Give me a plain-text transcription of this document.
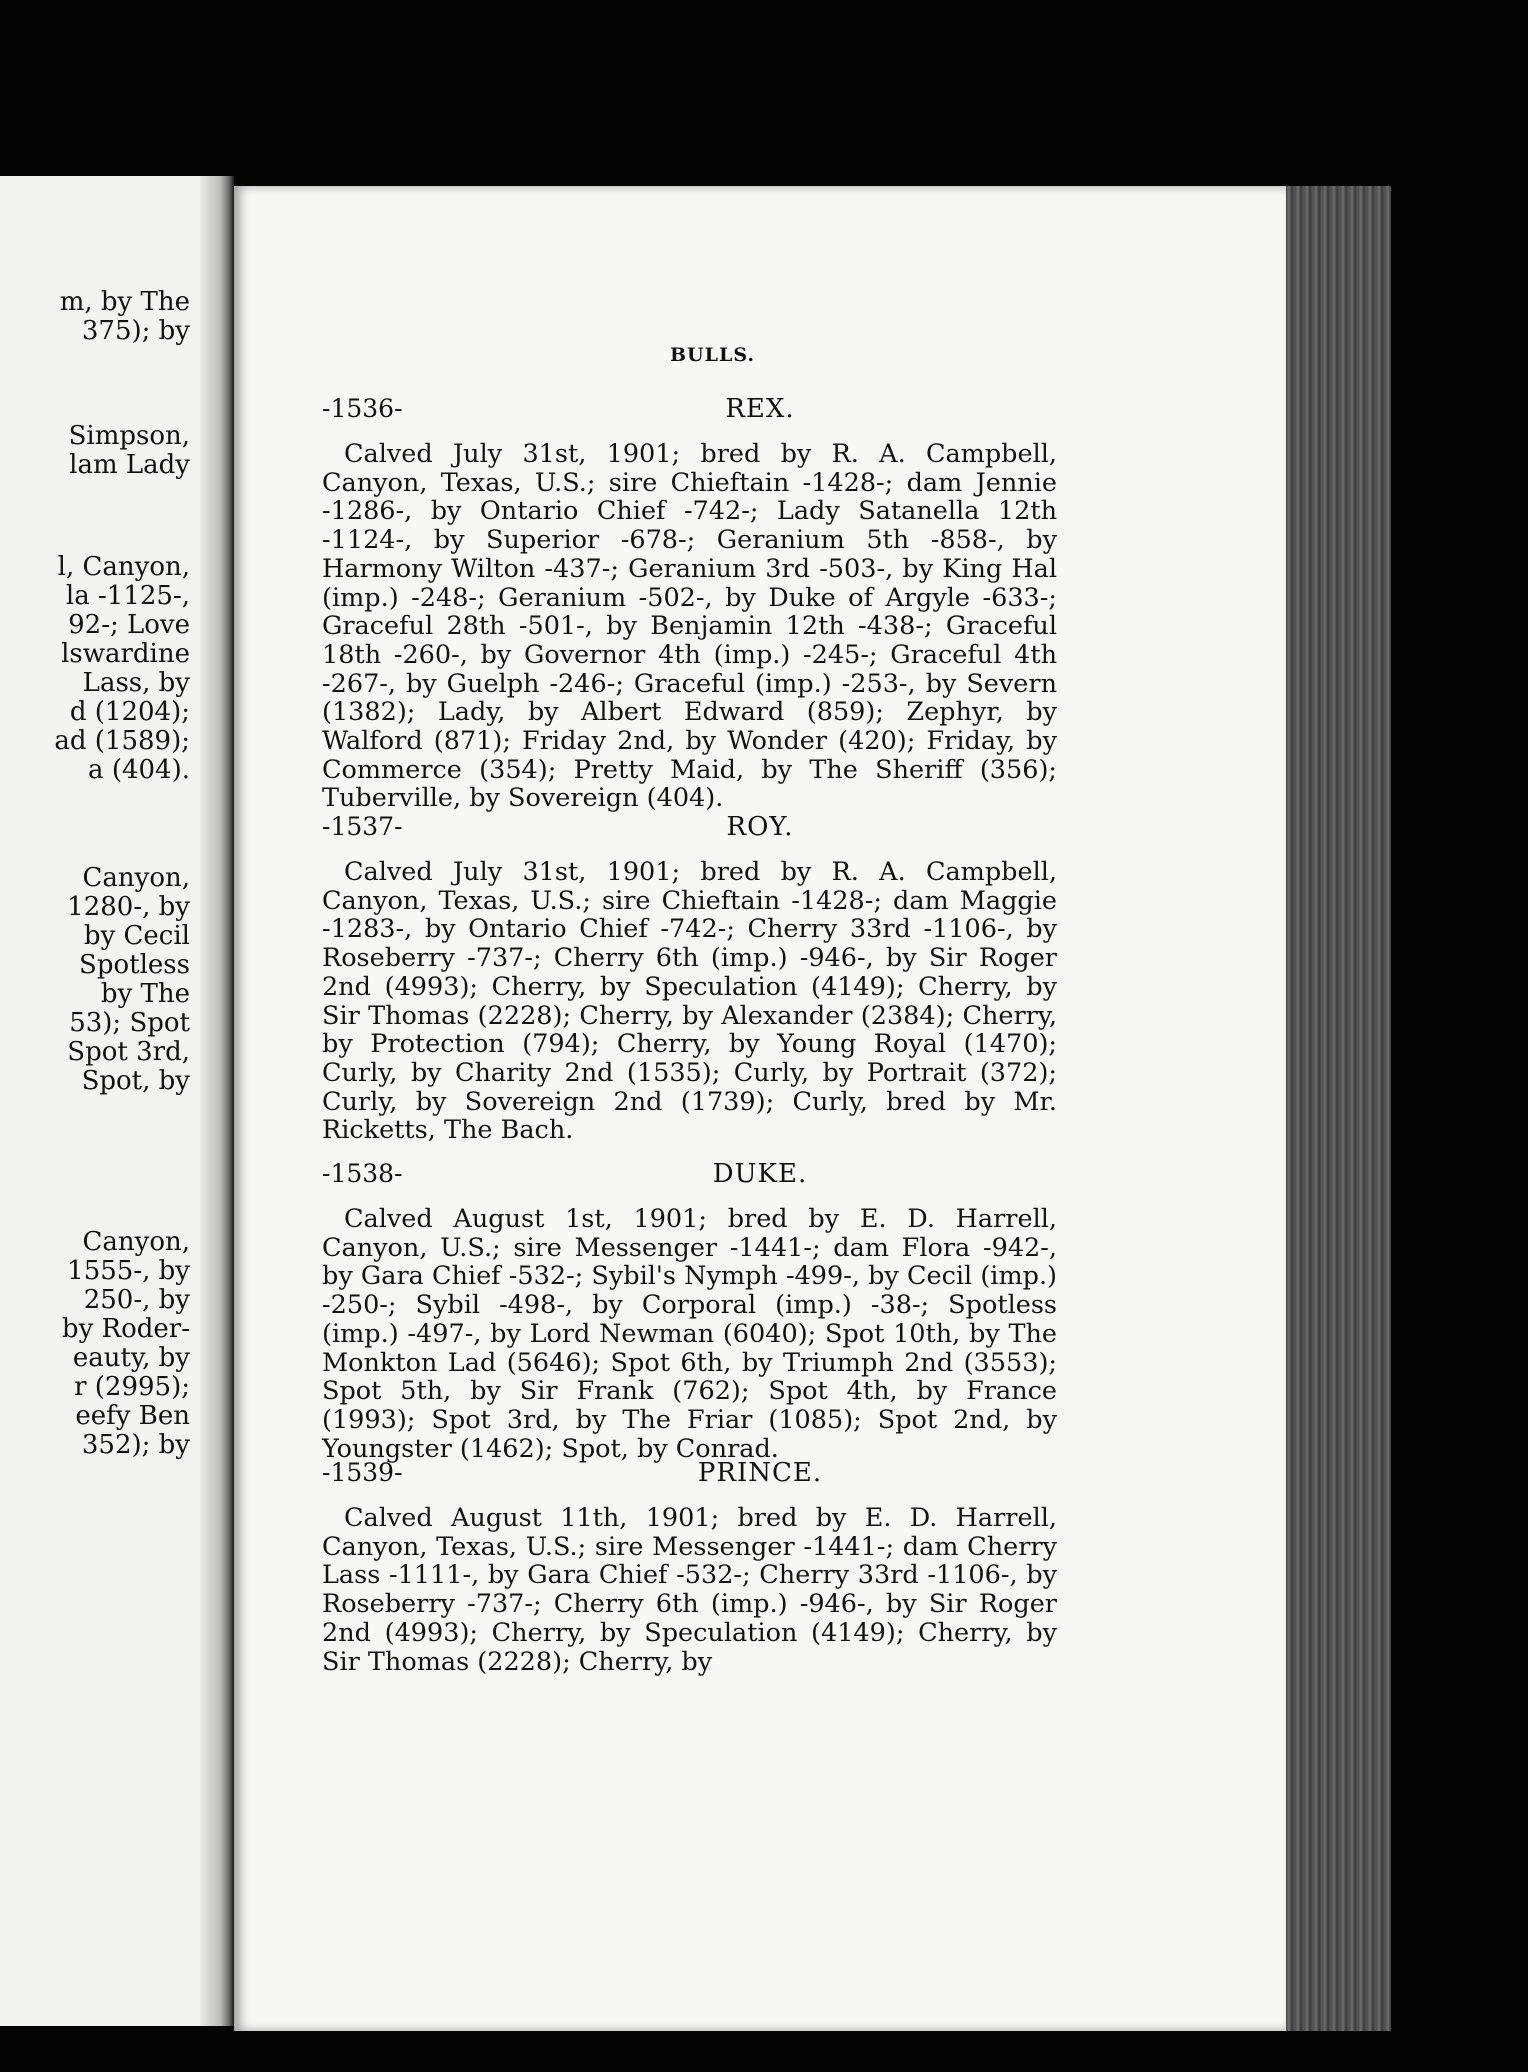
m, by The
375); by
Simpson,
lam Lady
l, Canyon,
la -1125-,
92-; Love
lswardine
Lass, by
d (1204);
ad (1589);
a (404).
Canyon,
1280-, by
by Cecil
Spotless
by The
53); Spot
Spot 3rd,
Spot, by
Canyon,
1555-, by
250-, by
by Roder-
eauty, by
r (2995);
eefy Ben
352); by
BULLS.
-1536-	REX.

Calved July 31st, 1901; bred by R. A. Campbell, Canyon, Texas, U.S.; sire Chieftain -1428-; dam Jennie -1286-, by Ontario Chief -742-; Lady Satanella 12th -1124-, by Superior -678-; Geranium 5th -858-, by Harmony Wilton -437-; Geranium 3rd -503-, by King Hal (imp.) -248-; Geranium -502-, by Duke of Argyle -633-; Graceful 28th -501-, by Benjamin 12th -438-; Graceful 18th -260-, by Governor 4th (imp.) -245-; Graceful 4th -267-, by Guelph -246-; Graceful (imp.) -253-, by Severn (1382); Lady, by Albert Edward (859); Zephyr, by Walford (871); Friday 2nd, by Wonder (420); Friday, by Commerce (354); Pretty Maid, by The Sheriff (356); Tuberville, by Sovereign (404).

-1537-	ROY.

Calved July 31st, 1901; bred by R. A. Campbell, Canyon, Texas, U.S.; sire Chieftain -1428-; dam Maggie -1283-, by Ontario Chief -742-; Cherry 33rd -1106-, by Roseberry -737-; Cherry 6th (imp.) -946-, by Sir Roger 2nd (4993); Cherry, by Speculation (4149); Cherry, by Sir Thomas (2228); Cherry, by Alexander (2384); Cherry, by Protection (794); Cherry, by Young Royal (1470); Curly, by Charity 2nd (1535); Curly, by Portrait (372); Curly, by Sovereign 2nd (1739); Curly, bred by Mr. Ricketts, The Bach.

-1538-	DUKE.

Calved August 1st, 1901; bred by E. D. Harrell, Canyon, U.S.; sire Messenger -1441-; dam Flora -942-, by Gara Chief -532-; Sybil's Nymph -499-, by Cecil (imp.) -250-; Sybil -498-, by Corporal (imp.) -38-; Spotless (imp.) -497-, by Lord Newman (6040); Spot 10th, by The Monkton Lad (5646); Spot 6th, by Triumph 2nd (3553); Spot 5th, by Sir Frank (762); Spot 4th, by France (1993); Spot 3rd, by The Friar (1085); Spot 2nd, by Youngster (1462); Spot, by Conrad.

-1539-	PRINCE.

Calved August 11th, 1901; bred by E. D. Harrell, Canyon, Texas, U.S.; sire Messenger -1441-; dam Cherry Lass -1111-, by Gara Chief -532-; Cherry 33rd -1106-, by Roseberry -737-; Cherry 6th (imp.) -946-, by Sir Roger 2nd (4993); Cherry, by Speculation (4149); Cherry, by Sir Thomas (2228); Cherry, by
